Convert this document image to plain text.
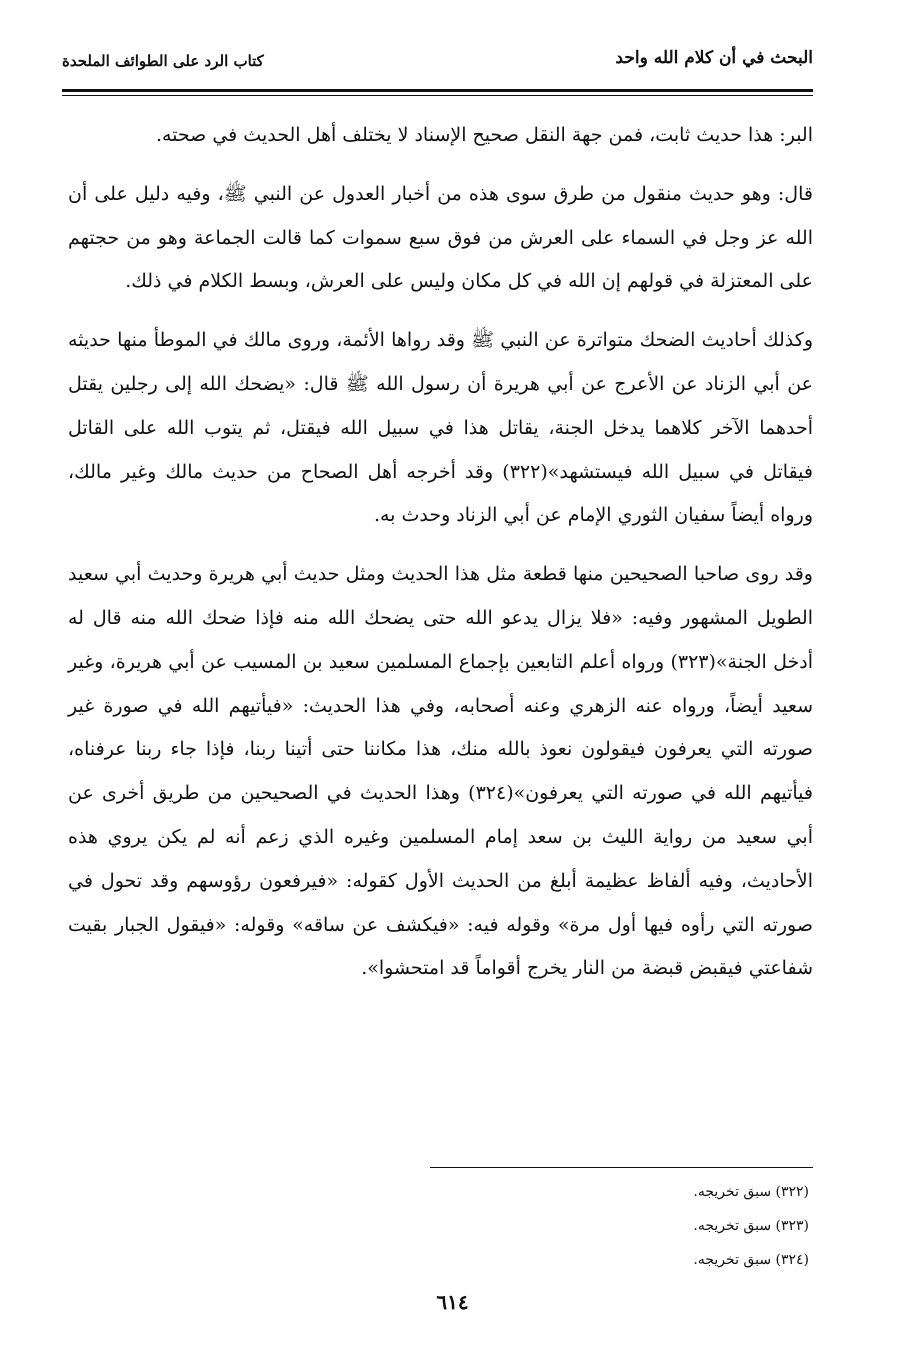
البحث في أن كلام الله واحد
كتاب الرد على الطوائف الملحدة

البر: هذا حديث ثابت، فمن جهة النقل صحيح الإسناد لا يختلف أهل الحديث في صحته.

قال: وهو حديث منقول من طرق سوى هذه من أخبار العدول عن النبي ﷺ، وفيه دليل على أن الله عز وجل في السماء على العرش من فوق سبع سموات كما قالت الجماعة وهو من حجتهم على المعتزلة في قولهم إن الله في كل مكان وليس على العرش، وبسط الكلام في ذلك.

وكذلك أحاديث الضحك متواترة عن النبي ﷺ وقد رواها الأئمة، وروى مالك في الموطأ منها حديثه عن أبي الزناد عن الأعرج عن أبي هريرة أن رسول الله ﷺ قال: «يضحك الله إلى رجلين يقتل أحدهما الآخر كلاهما يدخل الجنة، يقاتل هذا في سبيل الله فيقتل، ثم يتوب الله على القاتل فيقاتل في سبيل الله فيستشهد»(٣٢٢) وقد أخرجه أهل الصحاح من حديث مالك وغير مالك، ورواه أيضاً سفيان الثوري الإمام عن أبي الزناد وحدث به.

وقد روى صاحبا الصحيحين منها قطعة مثل هذا الحديث ومثل حديث أبي هريرة وحديث أبي سعيد الطويل المشهور وفيه: «فلا يزال يدعو الله حتى يضحك الله منه فإذا ضحك الله منه قال له أدخل الجنة»(٣٢٣) ورواه أعلم التابعين بإجماع المسلمين سعيد بن المسيب عن أبي هريرة، وغير سعيد أيضاً، ورواه عنه الزهري وعنه أصحابه، وفي هذا الحديث: «فيأتيهم الله في صورة غير صورته التي يعرفون فيقولون نعوذ بالله منك، هذا مكاننا حتى أتينا ربنا، فإذا جاء ربنا عرفناه، فيأتيهم الله في صورته التي يعرفون»(٣٢٤) وهذا الحديث في الصحيحين من طريق أخرى عن أبي سعيد من رواية الليث بن سعد إمام المسلمين وغيره الذي زعم أنه لم يكن يروي هذه الأحاديث، وفيه ألفاظ عظيمة أبلغ من الحديث الأول كقوله: «فيرفعون رؤوسهم وقد تحول في صورته التي رأوه فيها أول مرة» وقوله فيه: «فيكشف عن ساقه» وقوله: «فيقول الجبار بقيت شفاعتي فيقبض قبضة من النار يخرج أقواماً قد امتحشوا».

(٣٢٢) سبق تخريجه.
(٣٢٣) سبق تخريجه.
(٣٢٤) سبق تخريجه.
٦١٤
